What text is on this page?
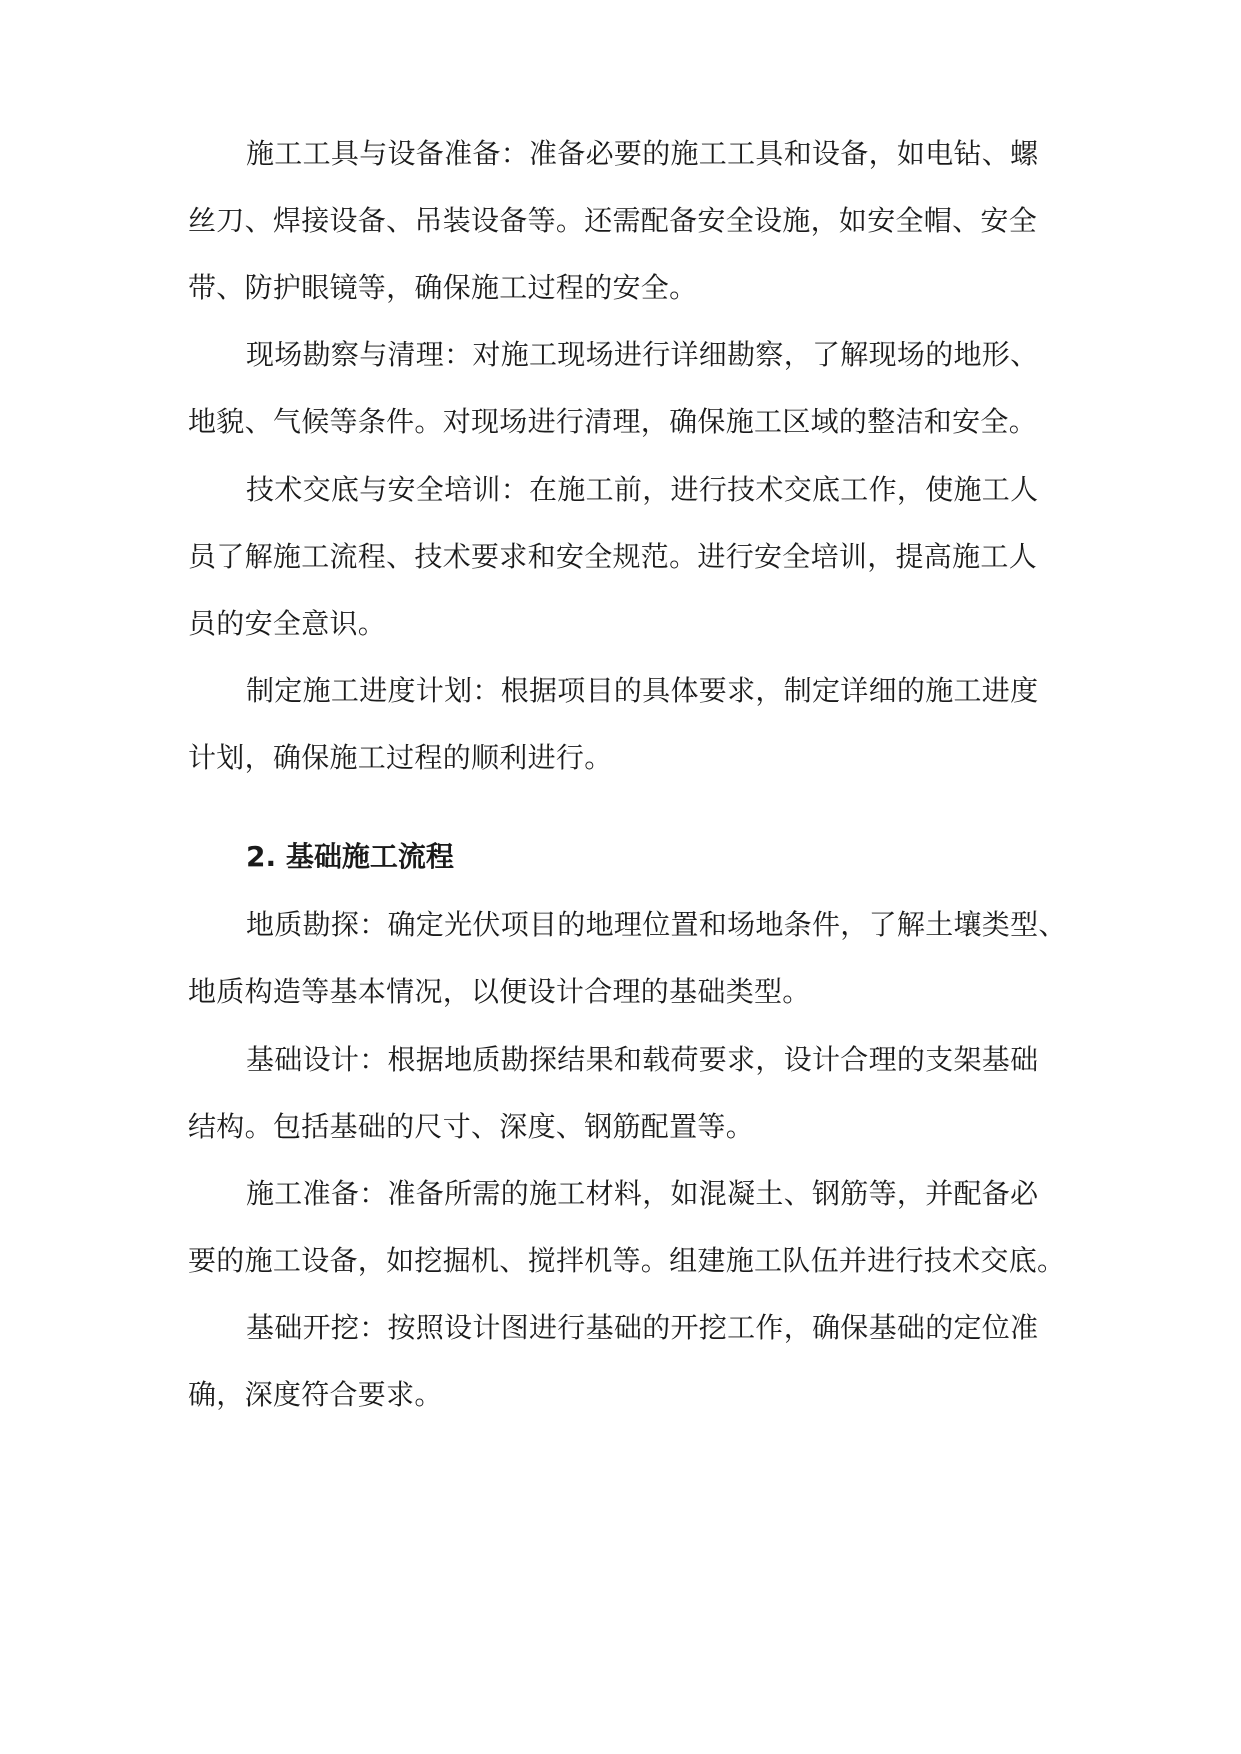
施工工具与设备准备：准备必要的施工工具和设备，如电钻、螺
丝刀、焊接设备、吊装设备等。还需配备安全设施，如安全帽、安全
带、防护眼镜等，确保施工过程的安全。
现场勘察与清理：对施工现场进行详细勘察，了解现场的地形、
地貌、气候等条件。对现场进行清理，确保施工区域的整洁和安全。
技术交底与安全培训：在施工前，进行技术交底工作，使施工人
员了解施工流程、技术要求和安全规范。进行安全培训，提高施工人
员的安全意识。
制定施工进度计划：根据项目的具体要求，制定详细的施工进度
计划，确保施工过程的顺利进行。
2. 基础施工流程
地质勘探：确定光伏项目的地理位置和场地条件，了解土壤类型、
地质构造等基本情况，以便设计合理的基础类型。
基础设计：根据地质勘探结果和载荷要求，设计合理的支架基础
结构。包括基础的尺寸、深度、钢筋配置等。
施工准备：准备所需的施工材料，如混凝土、钢筋等，并配备必
要的施工设备，如挖掘机、搅拌机等。组建施工队伍并进行技术交底。
基础开挖：按照设计图进行基础的开挖工作，确保基础的定位准
确，深度符合要求。
